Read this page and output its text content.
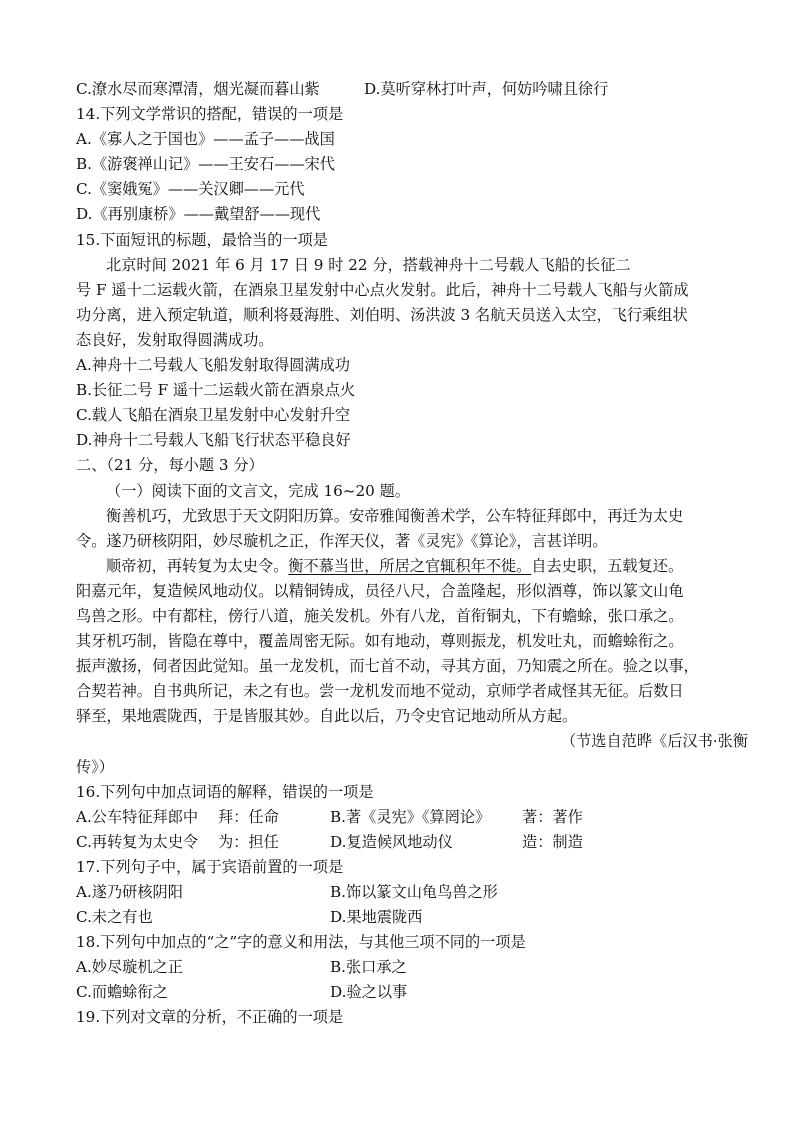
C.潦水尽而寒潭清，烟光凝而暮山紫	D.莫听穿林打叶声，何妨吟啸且徐行
14.下列文学常识的搭配，错误的一项是
A.《寡人之于国也》——孟子——战国
B.《游褒禅山记》——王安石——宋代
C.《窦娥冤》——关汉卿——元代
D.《再别康桥》——戴望舒——现代
15.下面短讯的标题，最恰当的一项是
北京时间 2021 年 6 月 17 日 9 时 22 分，搭载神舟十二号载人飞船的长征二
号 F 遥十二运载火箭，在酒泉卫星发射中心点火发射。此后，神舟十二号载人飞船与火箭成
功分离，进入预定轨道，顺利将聂海胜、刘伯明、汤洪波 3 名航天员送入太空，飞行乘组状
态良好，发射取得圆满成功。
A.神舟十二号载人飞船发射取得圆满成功
B.长征二号 F 遥十二运载火箭在酒泉点火
C.载人飞船在酒泉卫星发射中心发射升空
D.神舟十二号载人飞船飞行状态平稳良好
二、（21 分，每小题 3 分）
（一）阅读下面的文言文，完成 16~20 题。
衡善机巧，尤致思于天文阴阳历算。安帝雅闻衡善术学，公车特征拜郎中，再迁为太史
令。遂乃研核阴阳，妙尽璇机之正，作浑天仪，著《灵宪》《算论》，言甚详明。
顺帝初，再转复为太史令。衡不慕当世，所居之官辄积年不徙。自去史职，五载复还。
阳嘉元年，复造候风地动仪。以精铜铸成，员径八尺，合盖隆起，形似酒尊，饰以篆文山龟
鸟兽之形。中有都柱，傍行八道，施关发机。外有八龙，首衔铜丸，下有蟾蜍，张口承之。
其牙机巧制，皆隐在尊中，覆盖周密无际。如有地动，尊则振龙，机发吐丸，而蟾蜍衔之。
振声激扬，伺者因此觉知。虽一龙发机，而七首不动，寻其方面，乃知震之所在。验之以事，
合契若神。自书典所记，未之有也。尝一龙机发而地不觉动，京师学者咸怪其无征。后数日
驿至，果地震陇西，于是皆服其妙。自此以后，乃令史官记地动所从方起。
（节选自范晔《后汉书·张衡
传》）
16.下列句中加点词语的解释，错误的一项是
A.公车特征拜郎中 拜：任命	B.著《灵宪》《算罔论》 著：著作
C.再转复为太史令 为：担任	D.复造候风地动仪	造：制造
17.下列句子中，属于宾语前置的一项是
A.遂乃研核阴阳	B.饰以篆文山龟鸟兽之形
C.未之有也	D.果地震陇西
18.下列句中加点的“之”字的意义和用法，与其他三项不同的一项是
A.妙尽璇机之正	B.张口承之
C.而蟾蜍衔之	D.验之以事
19.下列对文章的分析，不正确的一项是
